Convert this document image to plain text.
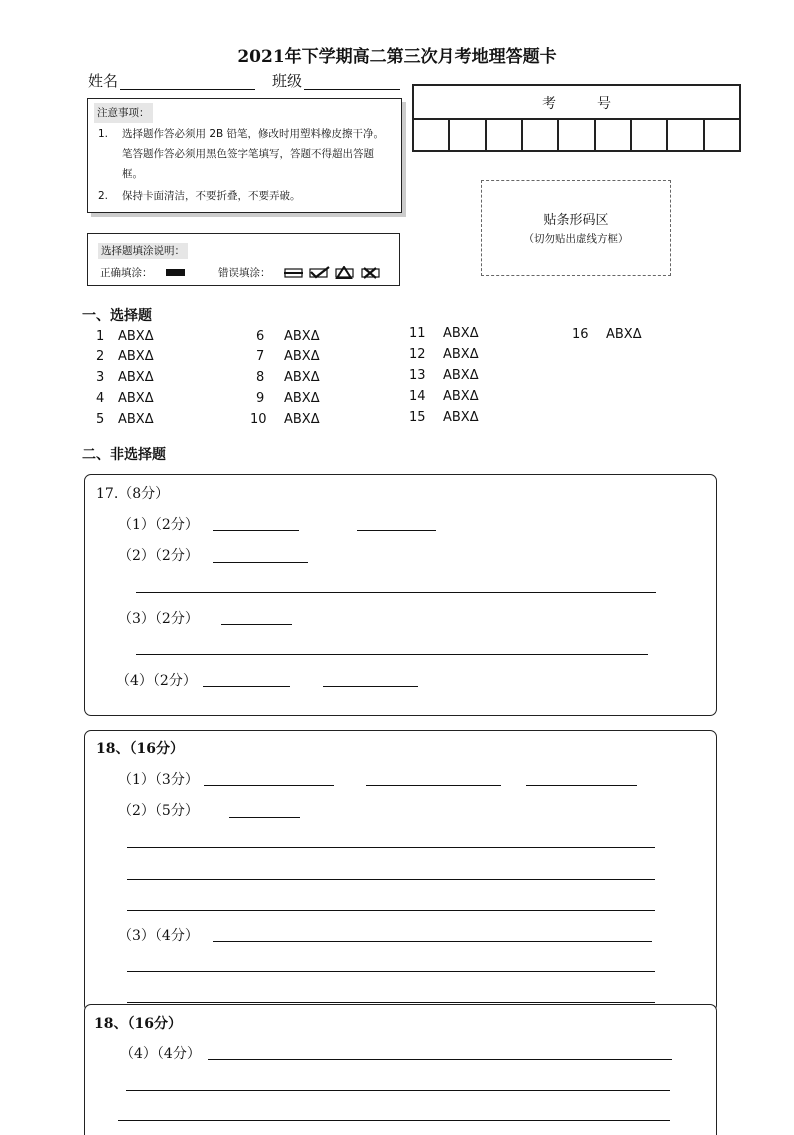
2021年下学期高二第三次月考地理答题卡
姓名	班级
注意事项：
1. 选择题作答必须用 2B 铅笔，修改时用塑料橡皮擦干净。笔答题作答必须用黑色签字笔填写，答题不得超出答题框。
2. 保持卡面清洁，不要折叠，不要弄破。
选择题填涂说明：
正确填涂：	错误填涂：
考	号
贴条形码区
（切勿贴出虚线方框）
一、选择题
1 ABXΔ
2 ABXΔ
3 ABXΔ
4 ABXΔ
5 ABXΔ
6 ABXΔ
7 ABXΔ
8 ABXΔ
9 ABXΔ
10 ABXΔ
11 ABXΔ
12 ABXΔ
13 ABXΔ
14 ABXΔ
15 ABXΔ
16 ABXΔ
二、非选择题
17.（8分）
（1）（2分）
（2）（2分）
（3）（2分）
（4）（2分）
18、（16分）
（1）（3分）
（2）（5分）
（3）（4分）
18、（16分）
（4）（4分）
